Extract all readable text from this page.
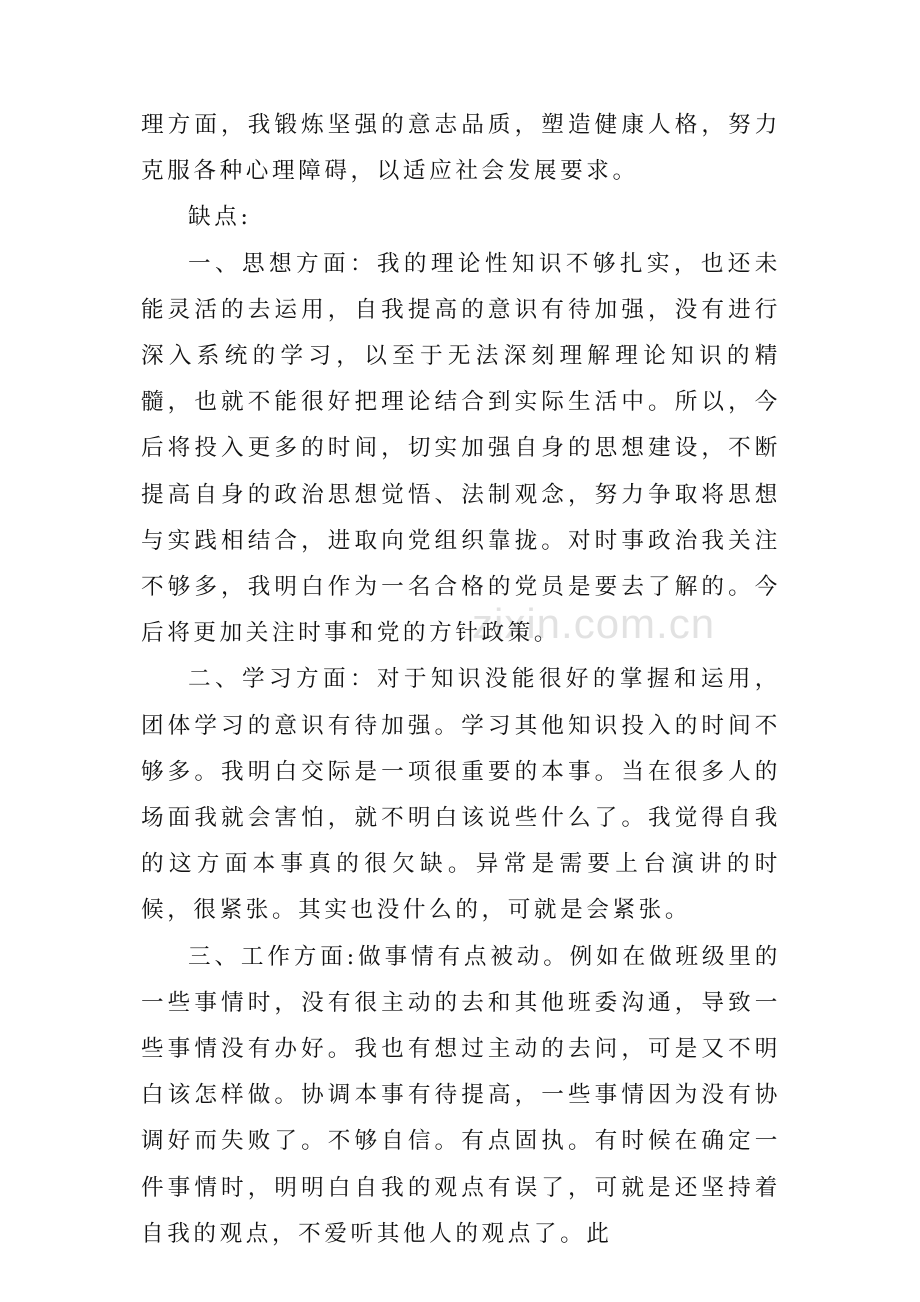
zixin.com.cn

理方面，我锻炼坚强的意志品质，塑造健康人格，努力克服各种心理障碍，以适应社会发展要求。

缺点:

一、思想方面：我的理论性知识不够扎实，也还未能灵活的去运用，自我提高的意识有待加强，没有进行深入系统的学习，以至于无法深刻理解理论知识的精髓，也就不能很好把理论结合到实际生活中。所以，今后将投入更多的时间，切实加强自身的思想建设，不断提高自身的政治思想觉悟、法制观念，努力争取将思想与实践相结合，进取向党组织靠拢。对时事政治我关注不够多，我明白作为一名合格的党员是要去了解的。今后将更加关注时事和党的方针政策。

二、学习方面：对于知识没能很好的掌握和运用，团体学习的意识有待加强。学习其他知识投入的时间不够多。我明白交际是一项很重要的本事。当在很多人的场面我就会害怕，就不明白该说些什么了。我觉得自我的这方面本事真的很欠缺。异常是需要上台演讲的时候，很紧张。其实也没什么的，可就是会紧张。

三、工作方面:做事情有点被动。例如在做班级里的一些事情时，没有很主动的去和其他班委沟通，导致一些事情没有办好。我也有想过主动的去问，可是又不明白该怎样做。协调本事有待提高，一些事情因为没有协调好而失败了。不够自信。有点固执。有时候在确定一件事情时，明明白自我的观点有误了，可就是还坚持着自我的观点，不爱听其他人的观点了。此
